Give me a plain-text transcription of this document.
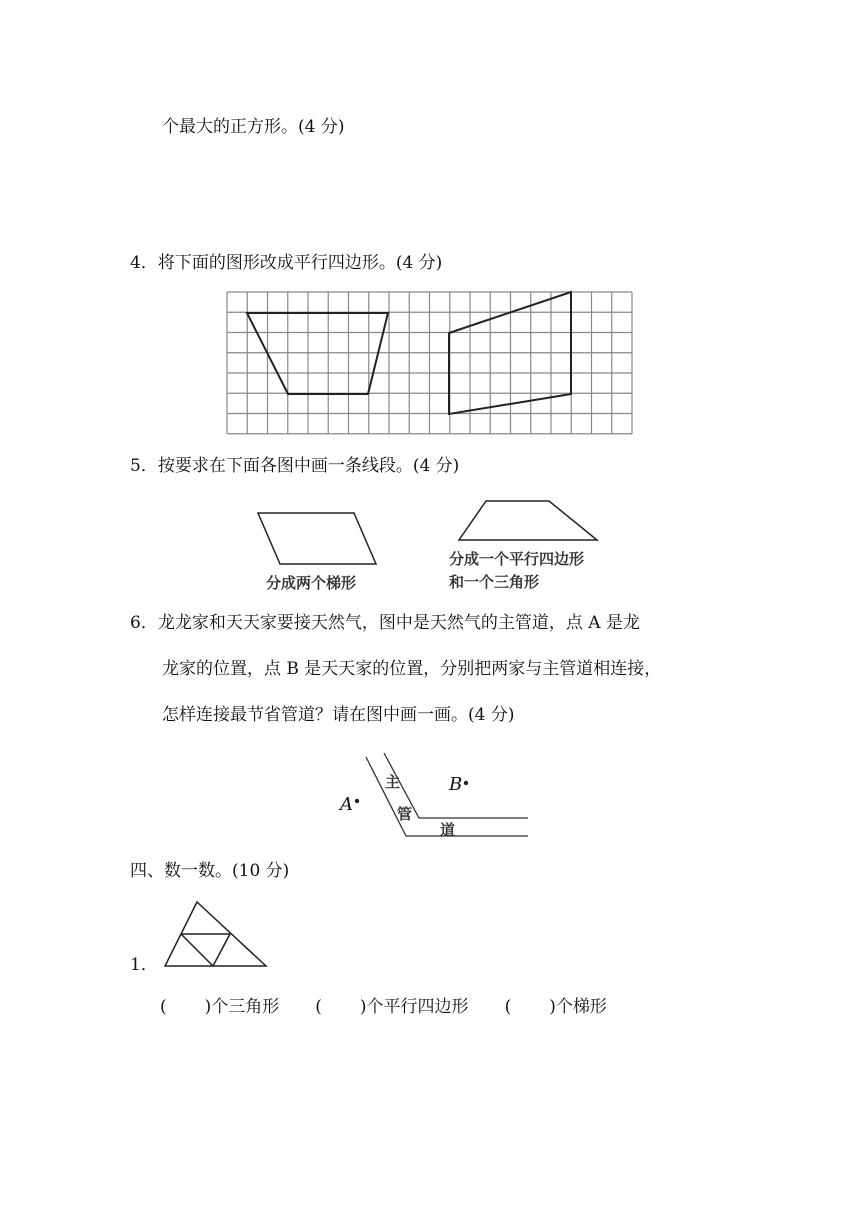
个最大的正方形。(4 分)
4．将下面的图形改成平行四边形。(4 分)
5．按要求在下面各图中画一条线段。(4 分)
分成两个梯形
分成一个平行四边形
和一个三角形
6．龙龙家和天天家要接天然气，图中是天然气的主管道，点 A 是龙
龙家的位置，点 B 是天天家的位置，分别把两家与主管道相连接，
怎样连接最节省管道？请在图中画一画。(4 分)
A
B
主
管
道
四、数一数。(10 分)
1．
( )个三角形 ( )个平行四边形 ( )个梯形
